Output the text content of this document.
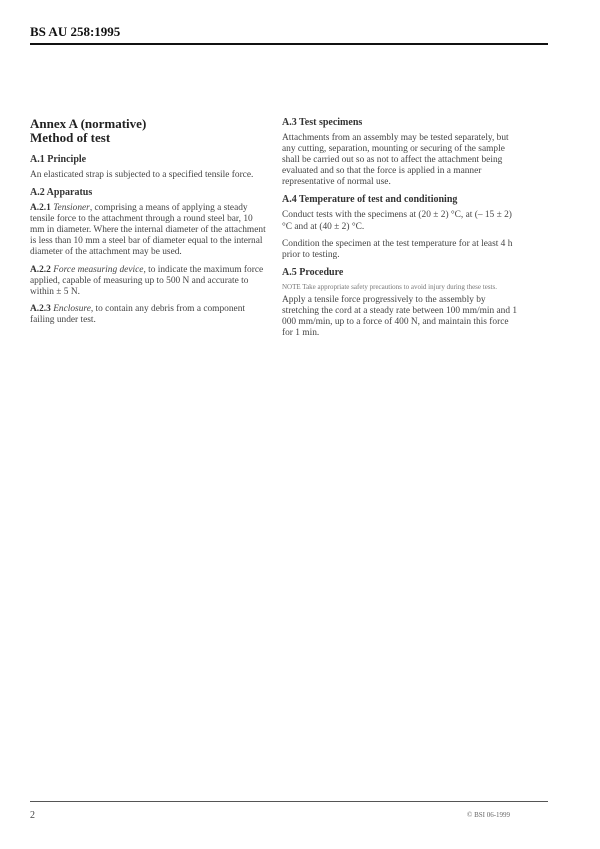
BS AU 258:1995
Annex A (normative)
Method of test
A.1 Principle

An elasticated strap is subjected to a specified tensile force.

A.2 Apparatus

A.2.1 Tensioner, comprising a means of applying a steady tensile force to the attachment through a round steel bar, 10 mm in diameter. Where the internal diameter of the attachment is less than 10 mm a steel bar of diameter equal to the internal diameter of the attachment may be used.

A.2.2 Force measuring device, to indicate the maximum force applied, capable of measuring up to 500 N and accurate to within ± 5 N.

A.2.3 Enclosure, to contain any debris from a component failing under test.

A.3 Test specimens

Attachments from an assembly may be tested separately, but any cutting, separation, mounting or securing of the sample shall be carried out so as not to affect the attachment being evaluated and so that the force is applied in a manner representative of normal use.

A.4 Temperature of test and conditioning

Conduct tests with the specimens at (20 ± 2) °C, at (– 15 ± 2) °C and at (40 ± 2) °C.

Condition the specimen at the test temperature for at least 4 h prior to testing.

A.5 Procedure
NOTE Take appropriate safety precautions to avoid injury during these tests.

Apply a tensile force progressively to the assembly by stretching the cord at a steady rate between 100 mm/min and 1 000 mm/min, up to a force of 400 N, and maintain this force for 1 min.

2	© BSI 06-1999
